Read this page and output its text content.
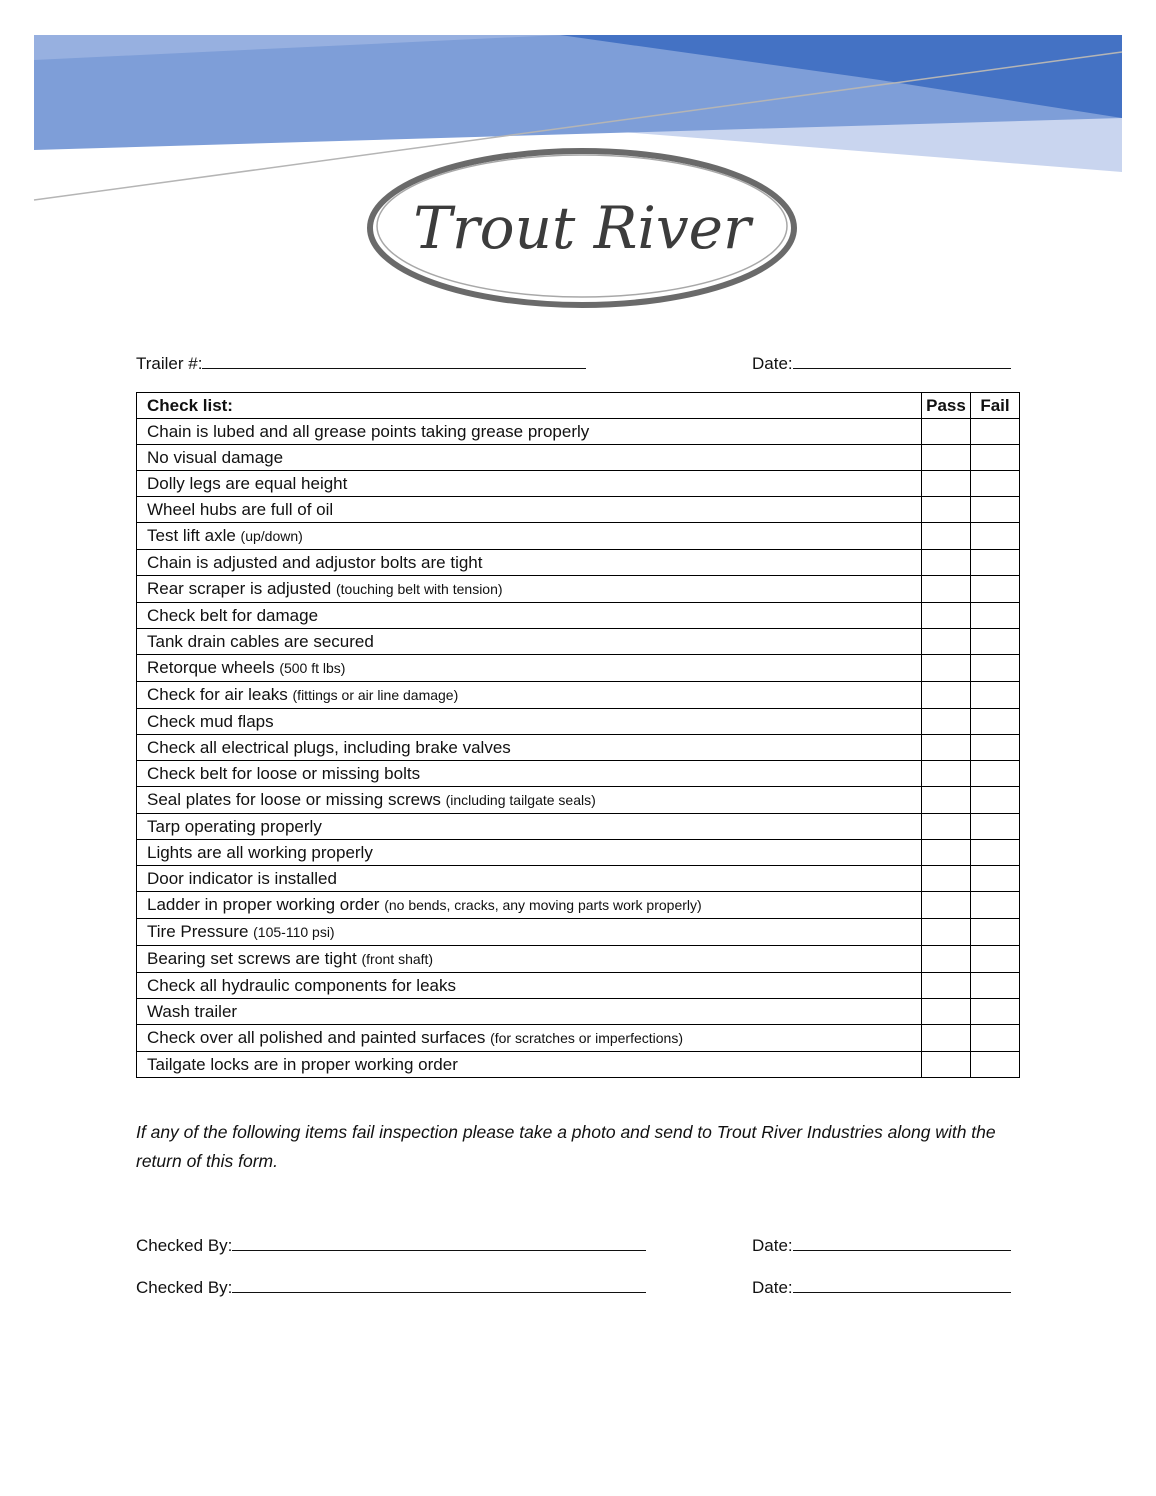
Trout River
Trailer #:	Date:
Check list:	Pass	Fail
Chain is lubed and all grease points taking grease properly		
No visual damage		
Dolly legs are equal height		
Wheel hubs are full of oil		
Test lift axle (up/down)		
Chain is adjusted and adjustor bolts are tight		
Rear scraper is adjusted (touching belt with tension)		
Check belt for damage		
Tank drain cables are secured		
Retorque wheels (500 ft lbs)		
Check for air leaks (fittings or air line damage)		
Check mud flaps		
Check all electrical plugs, including brake valves		
Check belt for loose or missing bolts		
Seal plates for loose or missing screws (including tailgate seals)		
Tarp operating properly		
Lights are all working properly		
Door indicator is installed		
Ladder in proper working order (no bends, cracks, any moving parts work properly)		
Tire Pressure (105-110 psi)		
Bearing set screws are tight (front shaft)		
Check all hydraulic components for leaks		
Wash trailer		
Check over all polished and painted surfaces (for scratches or imperfections)		
Tailgate locks are in proper working order		
If any of the following items fail inspection please take a photo and send to Trout River Industries along with the return of this form.
Checked By:	Date:
Checked By:	Date:
